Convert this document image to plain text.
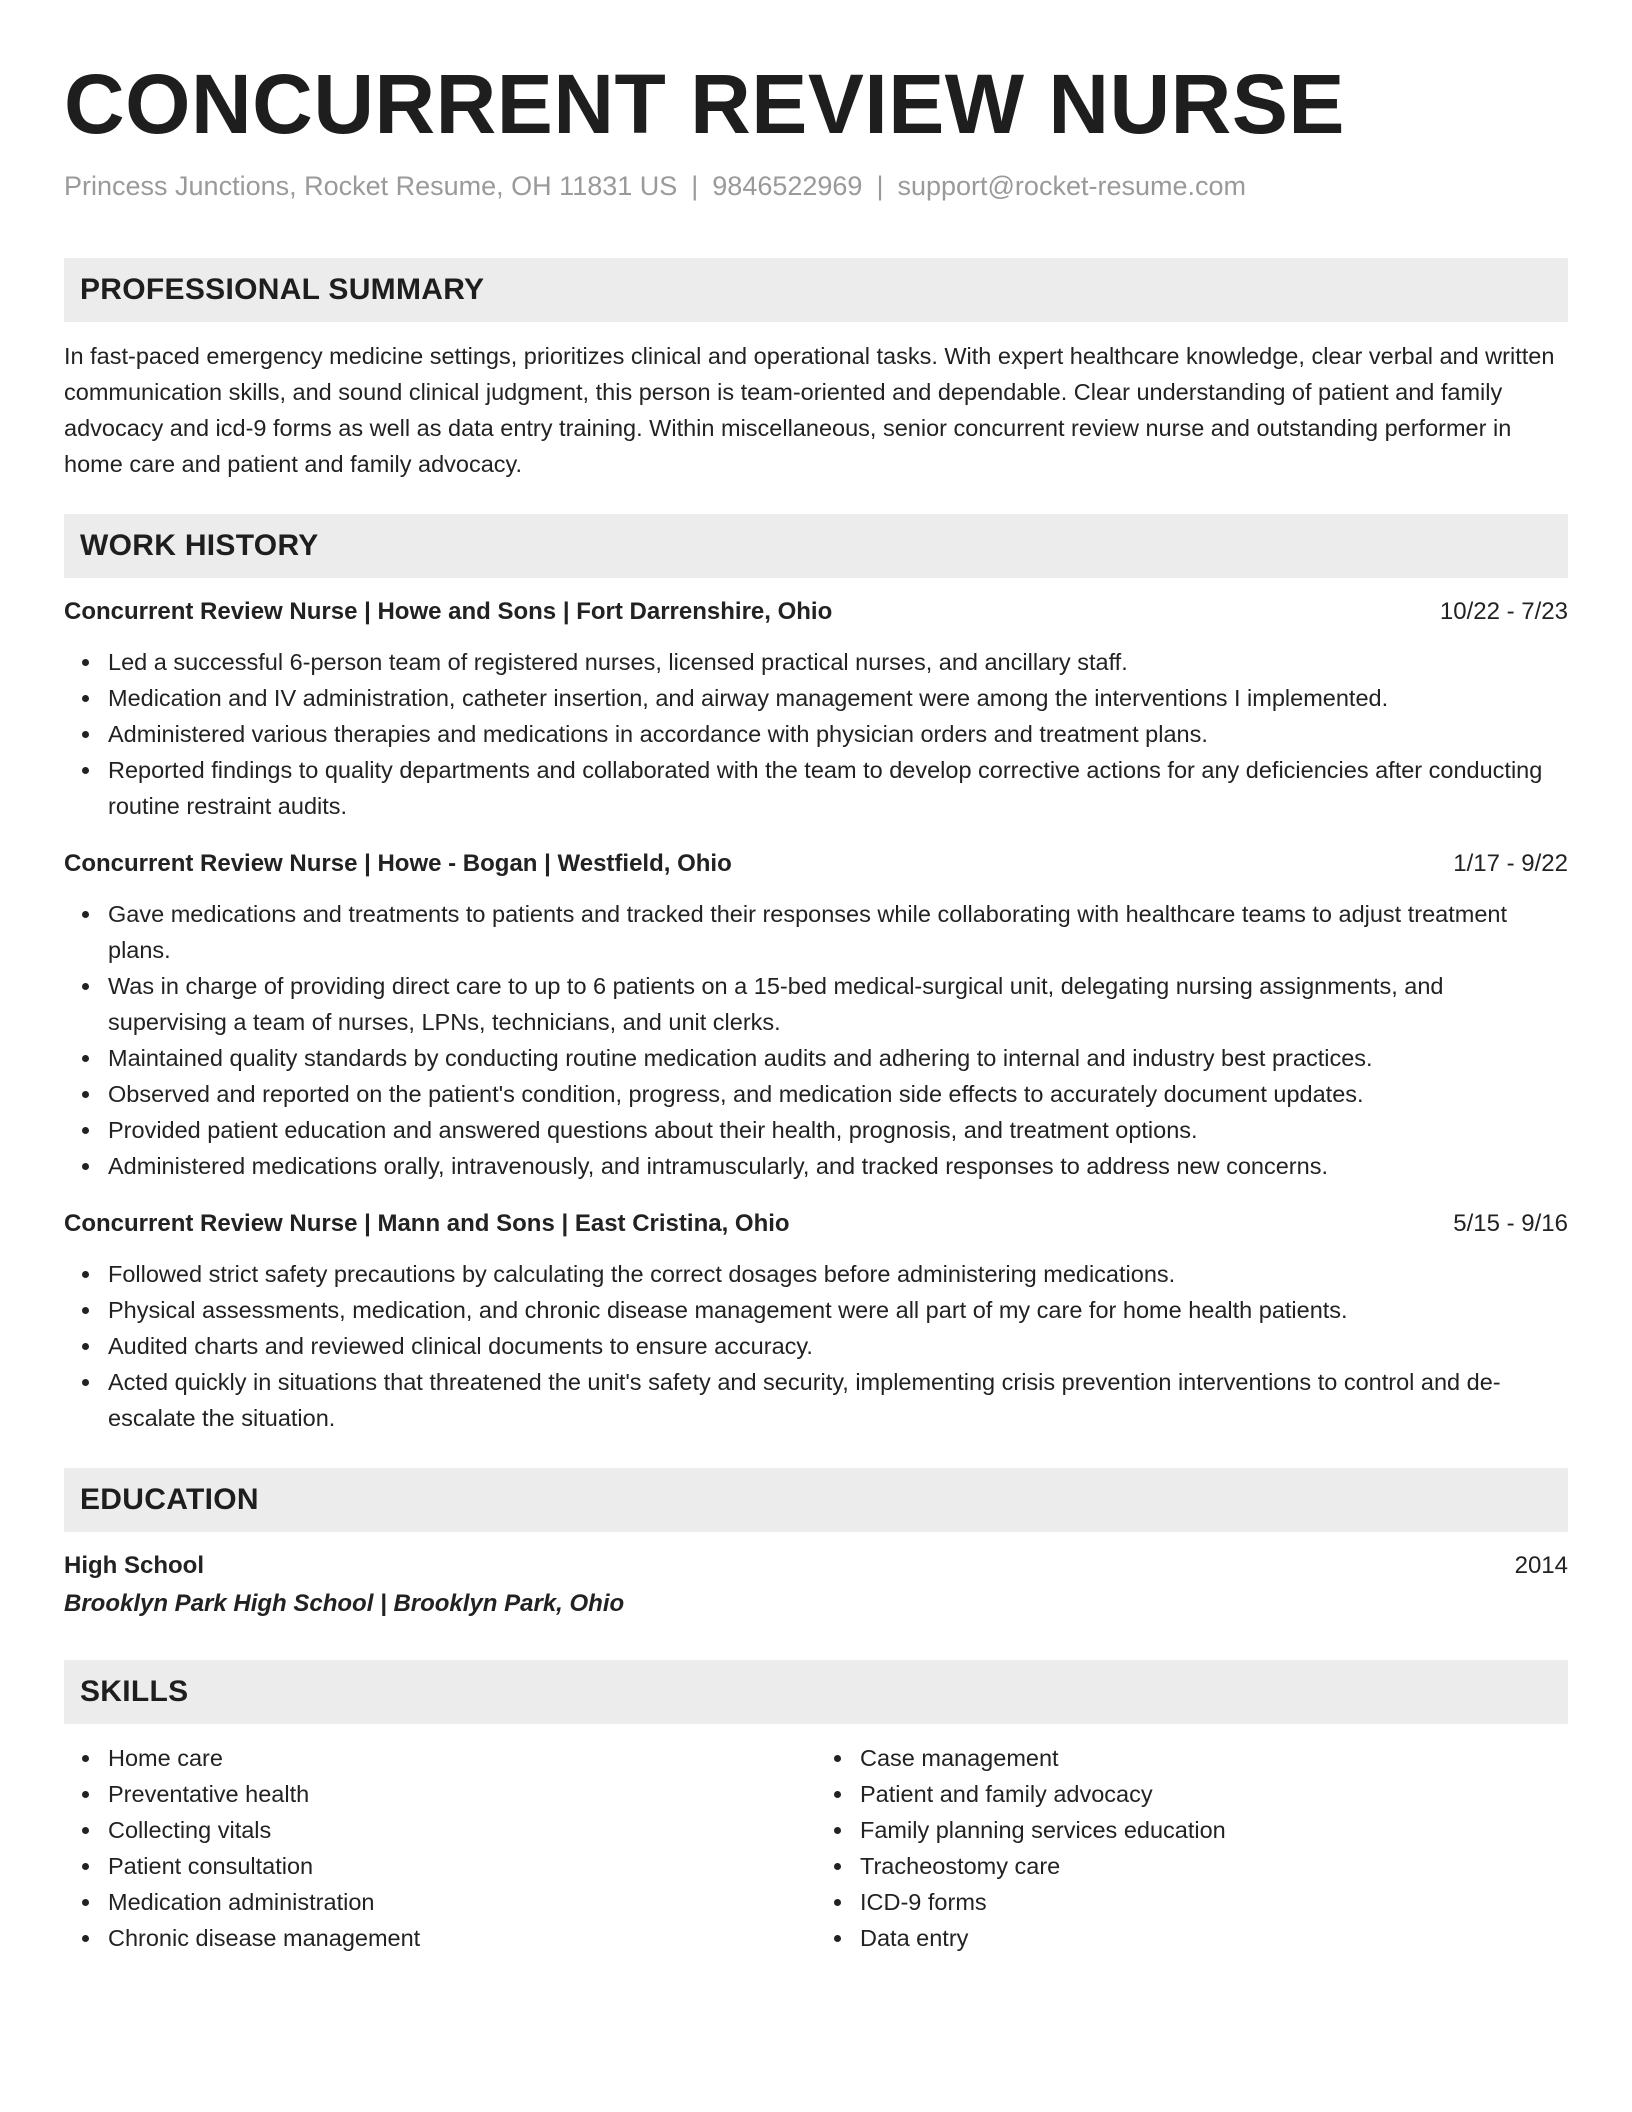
CONCURRENT REVIEW NURSE
Princess Junctions, Rocket Resume, OH 11831 US | 9846522969 | support@rocket-resume.com
PROFESSIONAL SUMMARY
In fast-paced emergency medicine settings, prioritizes clinical and operational tasks. With expert healthcare knowledge, clear verbal and written communication skills, and sound clinical judgment, this person is team-oriented and dependable. Clear understanding of patient and family advocacy and icd-9 forms as well as data entry training. Within miscellaneous, senior concurrent review nurse and outstanding performer in home care and patient and family advocacy.
WORK HISTORY
Concurrent Review Nurse | Howe and Sons | Fort Darrenshire, Ohio	10/22 - 7/23
Led a successful 6-person team of registered nurses, licensed practical nurses, and ancillary staff.
Medication and IV administration, catheter insertion, and airway management were among the interventions I implemented.
Administered various therapies and medications in accordance with physician orders and treatment plans.
Reported findings to quality departments and collaborated with the team to develop corrective actions for any deficiencies after conducting routine restraint audits.
Concurrent Review Nurse | Howe - Bogan | Westfield, Ohio	1/17 - 9/22
Gave medications and treatments to patients and tracked their responses while collaborating with healthcare teams to adjust treatment plans.
Was in charge of providing direct care to up to 6 patients on a 15-bed medical-surgical unit, delegating nursing assignments, and supervising a team of nurses, LPNs, technicians, and unit clerks.
Maintained quality standards by conducting routine medication audits and adhering to internal and industry best practices.
Observed and reported on the patient's condition, progress, and medication side effects to accurately document updates.
Provided patient education and answered questions about their health, prognosis, and treatment options.
Administered medications orally, intravenously, and intramuscularly, and tracked responses to address new concerns.
Concurrent Review Nurse | Mann and Sons | East Cristina, Ohio	5/15 - 9/16
Followed strict safety precautions by calculating the correct dosages before administering medications.
Physical assessments, medication, and chronic disease management were all part of my care for home health patients.
Audited charts and reviewed clinical documents to ensure accuracy.
Acted quickly in situations that threatened the unit's safety and security, implementing crisis prevention interventions to control and de-escalate the situation.
EDUCATION
High School	2014
Brooklyn Park High School | Brooklyn Park, Ohio
SKILLS
Home care
Preventative health
Collecting vitals
Patient consultation
Medication administration
Chronic disease management
Case management
Patient and family advocacy
Family planning services education
Tracheostomy care
ICD-9 forms
Data entry
